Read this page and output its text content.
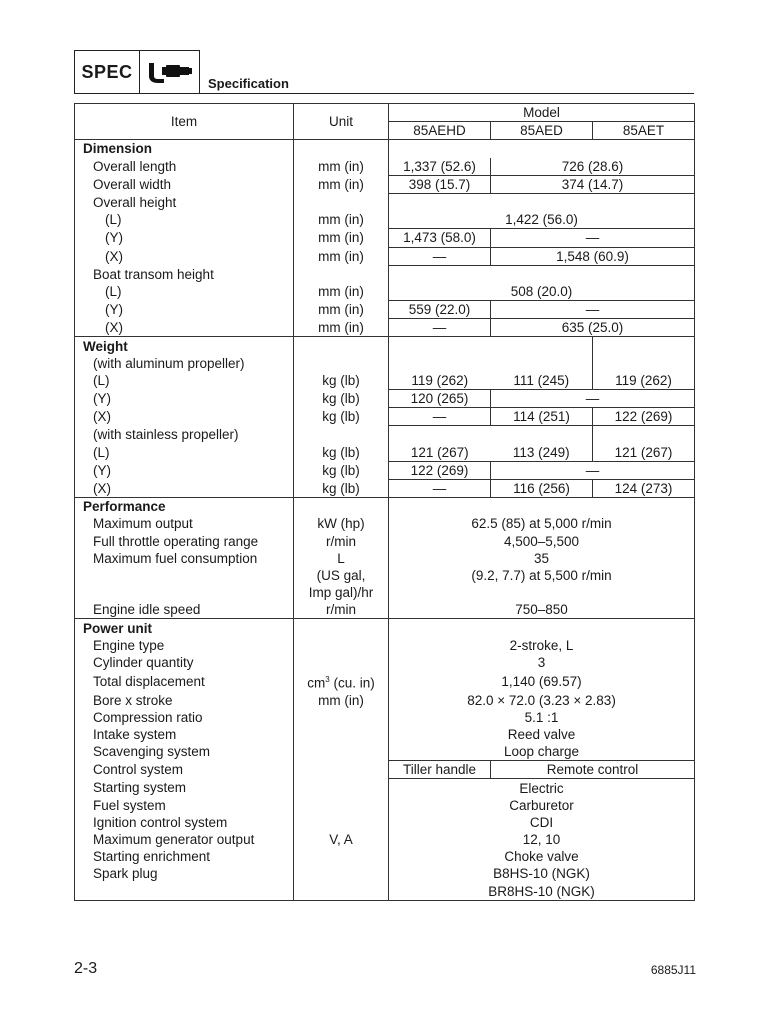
SPEC
Specification
Item	Unit	Model		
		85AEHD	85AED	85AET
Dimension				
Overall length	mm (in)	1,337 (52.6)	726 (28.6)	
Overall width	mm (in)	398 (15.7)	374 (14.7)	
Overall height				
(L)	mm (in)	1,422 (56.0)		
(Y)	mm (in)	1,473 (58.0)	—	
(X)	mm (in)	—	1,548 (60.9)	
Boat transom height				
(L)	mm (in)	508 (20.0)		
(Y)	mm (in)	559 (22.0)	—	
(X)	mm (in)	—	635 (25.0)	
Weight				
(with aluminum propeller)				
(L)	kg (lb)	119 (262)	111 (245)	119 (262)
(Y)	kg (lb)	120 (265)	—	
(X)	kg (lb)	—	114 (251)	122 (269)
(with stainless propeller)				
(L)	kg (lb)	121 (267)	113 (249)	121 (267)
(Y)	kg (lb)	122 (269)	—	
(X)	kg (lb)	—	116 (256)	124 (273)
Performance				
Maximum output	kW (hp)	62.5 (85) at 5,000 r/min		
Full throttle operating range	r/min	4,500–5,500		
Maximum fuel consumption	L	35		
	(US gal,	(9.2, 7.7) at 5,500 r/min		
	Imp gal)/hr			
Engine idle speed	r/min	750–850		
Power unit				
Engine type		2-stroke, L		
Cylinder quantity		3		
Total displacement	$cm^3$ (cu. in)	1,140 (69.57)		
Bore x stroke	mm (in)	82.0 × 72.0 (3.23 × 2.83)		
Compression ratio		5.1 :1		
Intake system		Reed valve		
Scavenging system		Loop charge		
Control system		Tiller handle	Remote control	
Starting system		Electric		
Fuel system		Carburetor		
Ignition control system		CDI		
Maximum generator output	V, A	12, 10		
Starting enrichment		Choke valve		
Spark plug		B8HS-10 (NGK)		
		BR8HS-10 (NGK)		
2-3	6885J11
